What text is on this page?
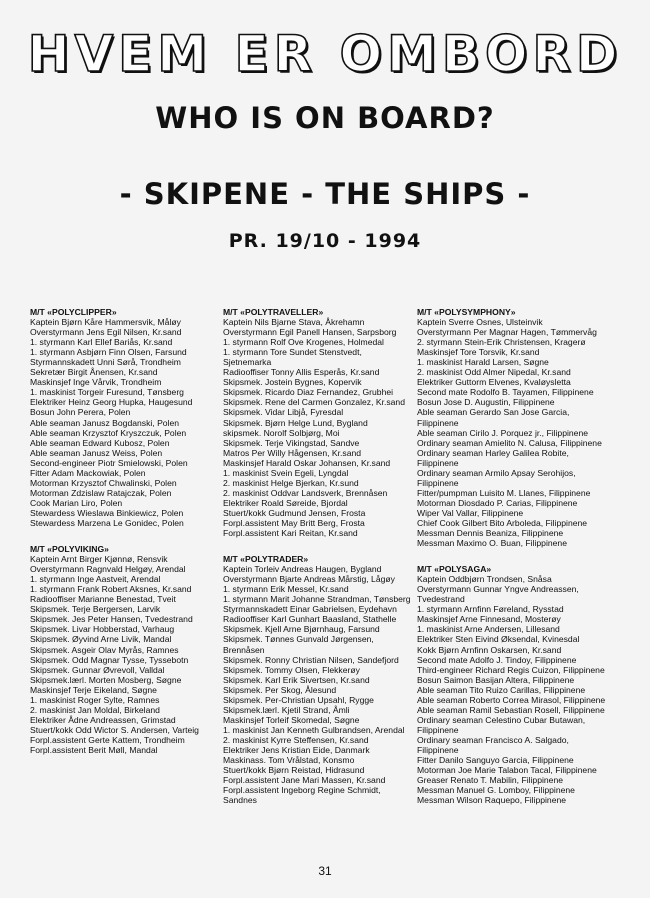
HVEM ER OMBORD
WHO IS ON BOARD?
- SKIPENE - THE SHIPS -
PR. 19/10 - 1994
M/T «POLYCLIPPER»
Kaptein Bjørn Kåre Hammersvik, Måløy
Overstyrmann Jens Egil Nilsen, Kr.sand
1. styrmann Karl Ellef Bariås, Kr.sand
1. styrmann Asbjørn Finn Olsen, Farsund
Styrmannskadett Unni Sørå, Trondheim
Sekretær Birgit Ånensen, Kr.sand
Maskinsjef Inge Vårvik, Trondheim
1. maskinist Torgeir Furesund, Tønsberg
Elektriker Heinz Georg Hupka, Haugesund
Bosun John Perera, Polen
Able seaman Janusz Bogdanski, Polen
Able seaman Krzysztof Kryszczuk, Polen
Able seaman Edward Kubosz, Polen
Able seaman Janusz Weiss, Polen
Second-engineer Piotr Smielowski, Polen
Fitter Adam Mackowiak, Polen
Motorman Krzysztof Chwalinski, Polen
Motorman Zdzislaw Ratajczak, Polen
Cook Marian Liro, Polen
Stewardess Wieslawa Binkiewicz, Polen
Stewardess Marzena Le Gonidec, Polen
M/T «POLYVIKING»
Kaptein Arnt Birger Kjønnø, Rensvik
Overstyrmann Ragnvald Helgøy, Arendal
1. styrmann Inge Aastveit, Arendal
1. styrmann Frank Robert Aksnes, Kr.sand
Radiooffiser Marianne Benestad, Tveit
Skipsmek. Terje Bergersen, Larvik
Skipsmek. Jes Peter Hansen, Tvedestrand
Skipsmek. Livar Hobberstad, Varhaug
Skipsmek. Øyvind Arne Livik, Mandal
Skipsmek. Asgeir Olav Myrås, Ramnes
Skipsmek. Odd Magnar Tysse, Tyssebotn
Skipsmek. Gunnar Øvrevoll, Valldal
Skipsmek.lærl. Morten Mosberg, Søgne
Maskinsjef Terje Eikeland, Søgne
1. maskinist Roger Sylte, Ramnes
2. maskinist Jan Moldal, Birkeland
Elektriker Ådne Andreassen, Grimstad
Stuert/kokk Odd Wictor S. Andersen, Varteig
Forpl.assistent Gerte Kattem, Trondheim
Forpl.assistent Berit Møll, Mandal
M/T «POLYTRAVELLER»
Kaptein Nils Bjarne Stava, Åkrehamn
Overstyrmann Egil Panell Hansen, Sarpsborg
1. styrmann Rolf Ove Krogenes, Holmedal
1. styrmann Tore Sundet Stenstvedt,
Sjetnemarka
Radiooffiser Tonny Allis Esperås, Kr.sand
Skipsmek. Jostein Bygnes, Kopervik
Skipsmek. Ricardo Diaz Fernandez, Grubhei
Skipsmek. Rene del Carmen Gonzalez, Kr.sand
Skipsmek. Vidar Libjå, Fyresdal
Skipsmek. Bjørn Helge Lund, Bygland
skipsmek. Norolf Solbjørg, Moi
Skipsmek. Terje Vikingstad, Sandve
Matros Per Willy Hågensen, Kr.sand
Maskinsjef Harald Oskar Johansen, Kr.sand
1. maskinist Svein Egeli, Lyngdal
2. maskinist Helge Bjerkan, Kr.sund
2. maskinist Oddvar Landsverk, Brennåsen
Elektriker Roald Søreide, Bjordal
Stuert/kokk Gudmund Jensen, Frosta
Forpl.assistent May Britt Berg, Frosta
Forpl.assistent Kari Reitan, Kr.sand
M/T «POLYTRADER»
Kaptein Torleiv Andreas Haugen, Bygland
Overstyrmann Bjarte Andreas Mårstig, Lågøy
1. styrmann Erik Messel, Kr.sand
1. styrmann Marit Johanne Strandman, Tønsberg
Styrmannskadett Einar Gabrielsen, Eydehavn
Radiooffiser Karl Gunhart Baasland, Stathelle
Skipsmek. Kjell Arne Bjørnhaug, Farsund
Skipsmek. Tønnes Gunvald Jørgensen,
Brennåsen
Skipsmek. Ronny Christian Nilsen, Sandefjord
Skipsmek. Tommy Olsen, Flekkerøy
Skipsmek. Karl Erik Sivertsen, Kr.sand
Skipsmek. Per Skog, Ålesund
Skipsmek. Per-Christian Upsahl, Rygge
Skipsmek.lærl. Kjetil Strand, Åmli
Maskinsjef Torleif Skomedal, Søgne
1. maskinist Jan Kenneth Gulbrandsen, Arendal
2. maskinist Kyrre Steffensen, Kr.sand
Elektriker Jens Kristian Eide, Danmark
Maskinass. Tom Vrålstad, Konsmo
Stuert/kokk Bjørn Reistad, Hidrasund
Forpl.assistent Jane Mari Massen, Kr.sand
Forpl.assistent Ingeborg Regine Schmidt,
Sandnes
M/T «POLYSYMPHONY»
Kaptein Sverre Osnes, Ulsteinvik
Overstyrmann Per Magnar Hagen, Tømmervåg
2. styrmann Stein-Erik Christensen, Kragerø
Maskinsjef Tore Torsvik, Kr.sand
1. maskinist Harald Larsen, Søgne
2. maskinist Odd Almer Nipedal, Kr.sand
Elektriker Guttorm Elvenes, Kvaløysletta
Second mate Rodolfo B. Tayamen, Filippinene
Bosun Jose D. Augustin, Filippinene
Able seaman Gerardo San Jose Garcia,
Filippinene
Able seaman Cirilo J. Porquez jr., Filippinene
Ordinary seaman Amielito N. Calusa, Filippinene
Ordinary seaman Harley Galilea Robite,
Filippinene
Ordinary seaman Armilo Apsay Serohijos,
Filippinene
Fitter/pumpman Luisito M. Llanes, Filippinene
Motorman Diosdado P. Carias, Filippinene
Wiper Val Vallar, Filippinene
Chief Cook Gilbert Bito Arboleda, Filippinene
Messman Dennis Beaniza, Filippinene
Messman Maximo O. Buan, Filippinene
M/T «POLYSAGA»
Kaptein Oddbjørn Trondsen, Snåsa
Overstyrmann Gunnar Yngve Andreassen,
Tvedestrand
1. styrmann Arnfinn Føreland, Rysstad
Maskinsjef Arne Finnesand, Mosterøy
1. maskinist Arne Andersen, Lillesand
Elektriker Sten Eivind Øksendal, Kvinesdal
Kokk Bjørn Arnfinn Oskarsen, Kr.sand
Second mate Adolfo J. Tindoy, Filippinene
Third-engineer Richard Regis Cuizon, Filippinene
Bosun Saimon Basijan Altera, Filippinene
Able seaman Tito Ruizo Carillas, Filippinene
Able seaman Roberto Correa Mirasol, Filippinene
Able seaman Ramil Sebastian Rosell, Filippinene
Ordinary seaman Celestino Cubar Butawan,
Filippinene
Ordinary seaman Francisco A. Salgado,
Filippinene
Fitter Danilo Sanguyo Garcia, Filippinene
Motorman Joe Marie Talabon Tacal, Filippinene
Greaser Renato T. Mabilin, Filippinene
Messman Manuel G. Lomboy, Filippinene
Messman Wilson Raquepo, Filippinene
31
